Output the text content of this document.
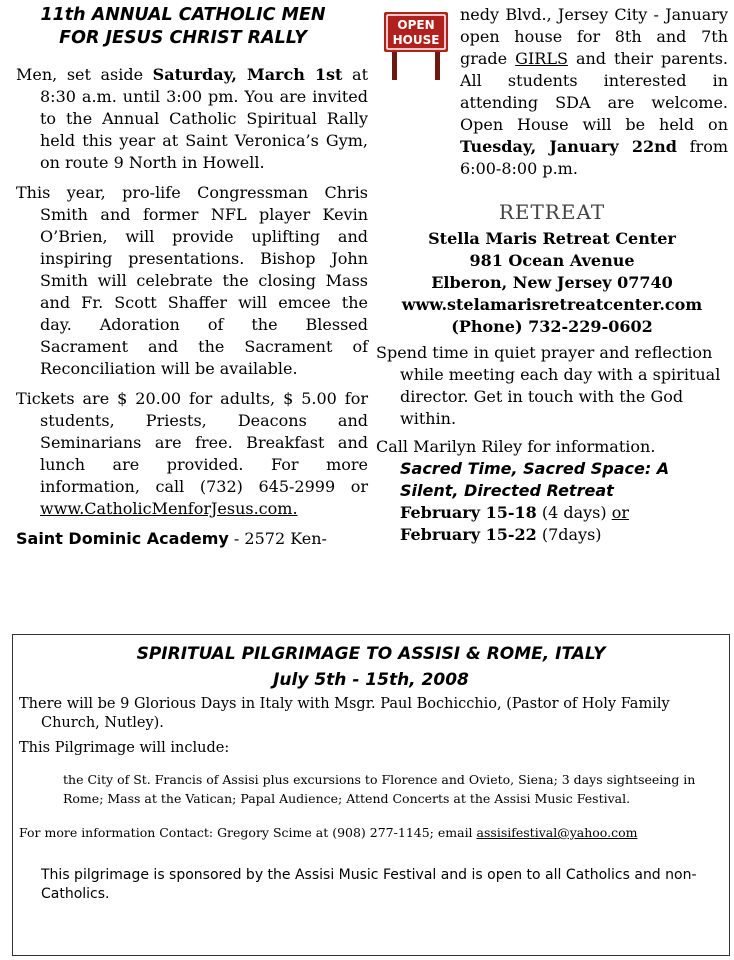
11th ANNUAL CATHOLIC MEN
FOR JESUS CHRIST RALLY

Men, set aside Saturday, March 1st at 8:30 a.m. until 3:00 pm. You are invited to the Annual Catholic Spiritual Rally held this year at Saint Veronica’s Gym, on route 9 North in Howell.

This year, pro-life Congressman Chris Smith and former NFL player Kevin O’Brien, will provide uplifting and inspiring presentations. Bishop John Smith will celebrate the closing Mass and Fr. Scott Shaffer will emcee the day. Adoration of the Blessed Sacrament and the Sacrament of Reconciliation will be available.

Tickets are $ 20.00 for adults, $ 5.00 for students, Priests, Deacons and Seminarians are free. Breakfast and lunch are provided. For more information, call (732) 645-2999 or www.CatholicMenforJesus.com.

Saint Dominic Academy - 2572 Ken-

OPEN
HOUSE

nedy Blvd., Jersey City - January open house for 8th and 7th grade GIRLS and their parents. All students interested in attending SDA are welcome. Open House will be held on Tuesday, January 22nd from 6:00-8:00 p.m.

RETREAT
Stella Maris Retreat Center
981 Ocean Avenue
Elberon, New Jersey 07740
www.stelamarisretreatcenter.com
(Phone) 732-229-0602

Spend time in quiet prayer and reflection while meeting each day with a spiritual director. Get in touch with the God within.

Call Marilyn Riley for information.

Sacred Time, Sacred Space: A Silent, Directed Retreat
February 15-18 (4 days) or
February 15-22 (7days)
SPIRITUAL PILGRIMAGE TO ASSISI & ROME, ITALY
July 5th - 15th, 2008

There will be 9 Glorious Days in Italy with Msgr. Paul Bochicchio, (Pastor of Holy Family Church, Nutley).

This Pilgrimage will include:

the City of St. Francis of Assisi plus excursions to Florence and Ovieto, Siena; 3 days sightseeing in Rome; Mass at the Vatican; Papal Audience; Attend Concerts at the Assisi Music Festival.

For more information Contact: Gregory Scime at (908) 277-1145; email assisifestival@yahoo.com

This pilgrimage is sponsored by the Assisi Music Festival and is open to all Catholics and non-Catholics.
